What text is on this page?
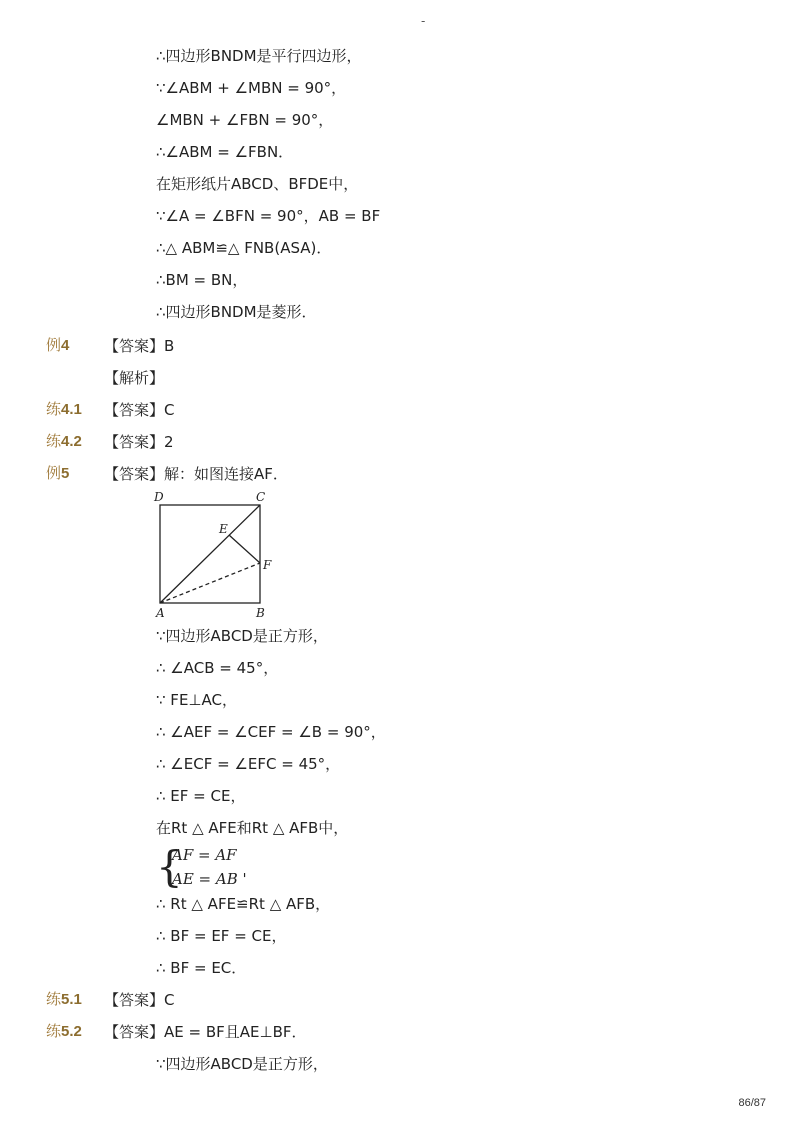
-
∴四边形BNDM是平行四边形，
∵∠ABM + ∠MBN = 90°，
∠MBN + ∠FBN = 90°，
∴∠ABM = ∠FBN．
在矩形纸片ABCD、BFDE中，
∵∠A = ∠BFN = 90°，AB = BF
∴△ ABM≌△ FNB(ASA)．
∴BM = BN，
∴四边形BNDM是菱形．
例4 【答案】B
【解析】
练4.1 【答案】C
练4.2 【答案】2
例5 【答案】解：如图连接AF．
D	C
E
F
A	B
∵四边形ABCD是正方形，
∴ ∠ACB = 45°，
∵ FE⊥AC，
∴ ∠AEF = ∠CEF = ∠B = 90°，
∴ ∠ECF = ∠EFC = 45°，
∴ EF = CE，
在Rt △ AFE和Rt △ AFB中，
{
AF = AF
AE = AB '
∴ Rt △ AFE≌Rt △ AFB，
∴ BF = EF = CE，
∴ BF = EC．
练5.1 【答案】C
练5.2 【答案】AE = BF且AE⊥BF．
∵四边形ABCD是正方形，
86/87
